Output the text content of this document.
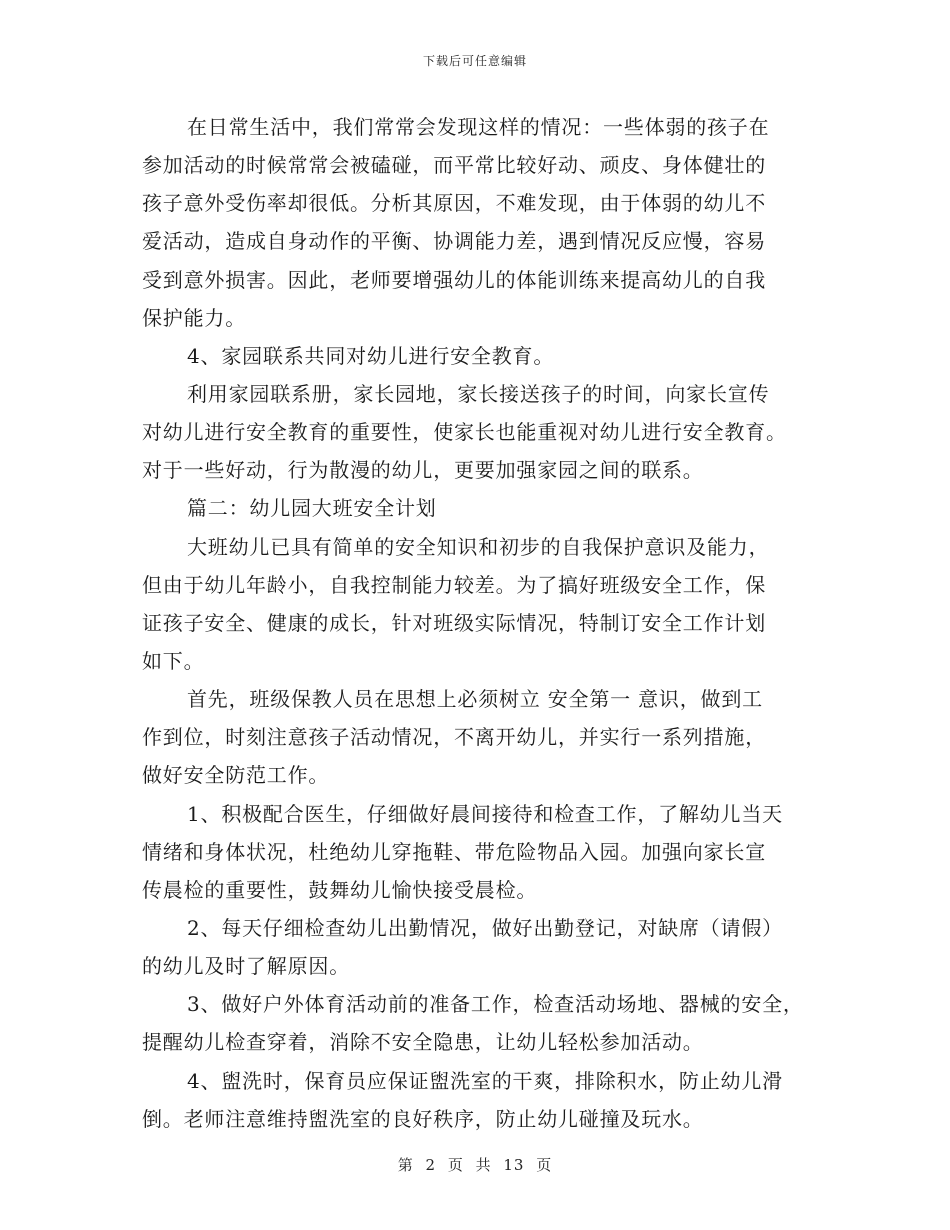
下载后可任意编辑
在日常生活中，我们常常会发现这样的情况：一些体弱的孩子在
参加活动的时候常常会被磕碰，而平常比较好动、顽皮、身体健壮的
孩子意外受伤率却很低。分析其原因，不难发现，由于体弱的幼儿不
爱活动，造成自身动作的平衡、协调能力差，遇到情况反应慢，容易
受到意外损害。因此，老师要增强幼儿的体能训练来提高幼儿的自我
保护能力。
4、家园联系共同对幼儿进行安全教育。
利用家园联系册，家长园地，家长接送孩子的时间，向家长宣传
对幼儿进行安全教育的重要性，使家长也能重视对幼儿进行安全教育。
对于一些好动，行为散漫的幼儿，更要加强家园之间的联系。
篇二：幼儿园大班安全计划
大班幼儿已具有简单的安全知识和初步的自我保护意识及能力，
但由于幼儿年龄小，自我控制能力较差。为了搞好班级安全工作，保
证孩子安全、健康的成长，针对班级实际情况，特制订安全工作计划
如下。
首先，班级保教人员在思想上必须树立 安全第一 意识，做到工
作到位，时刻注意孩子活动情况，不离开幼儿，并实行一系列措施，
做好安全防范工作。
1、积极配合医生，仔细做好晨间接待和检查工作，了解幼儿当天
情绪和身体状况，杜绝幼儿穿拖鞋、带危险物品入园。加强向家长宣
传晨检的重要性，鼓舞幼儿愉快接受晨检。
2、每天仔细检查幼儿出勤情况，做好出勤登记，对缺席（请假）
的幼儿及时了解原因。
3、做好户外体育活动前的准备工作，检查活动场地、器械的安全，
提醒幼儿检查穿着，消除不安全隐患，让幼儿轻松参加活动。
4、盥洗时，保育员应保证盥洗室的干爽，排除积水，防止幼儿滑
倒。老师注意维持盥洗室的良好秩序，防止幼儿碰撞及玩水。
第 2 页 共 13 页
